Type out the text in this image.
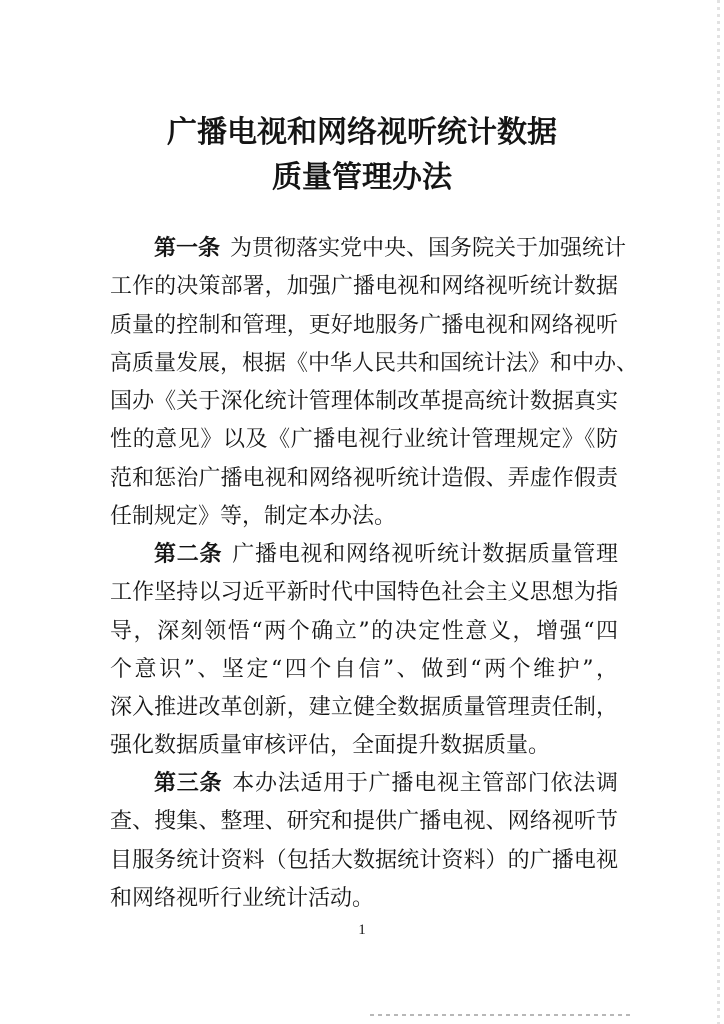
广播电视和网络视听统计数据
质量管理办法
第一条 为贯彻落实党中央、国务院关于加强统计
工作的决策部署，加强广播电视和网络视听统计数据
质量的控制和管理，更好地服务广播电视和网络视听
高质量发展，根据《中华人民共和国统计法》和中办、
国办《关于深化统计管理体制改革提高统计数据真实
性的意见》以及《广播电视行业统计管理规定》《防
范和惩治广播电视和网络视听统计造假、弄虚作假责
任制规定》等，制定本办法。
第二条 广播电视和网络视听统计数据质量管理
工作坚持以习近平新时代中国特色社会主义思想为指
导，深刻领悟“两个确立”的决定性意义，增强“四
个意识”、坚定“四个自信”、做到“两个维护”，
深入推进改革创新，建立健全数据质量管理责任制，
强化数据质量审核评估，全面提升数据质量。
第三条 本办法适用于广播电视主管部门依法调
查、搜集、整理、研究和提供广播电视、网络视听节
目服务统计资料（包括大数据统计资料）的广播电视
和网络视听行业统计活动。
1
